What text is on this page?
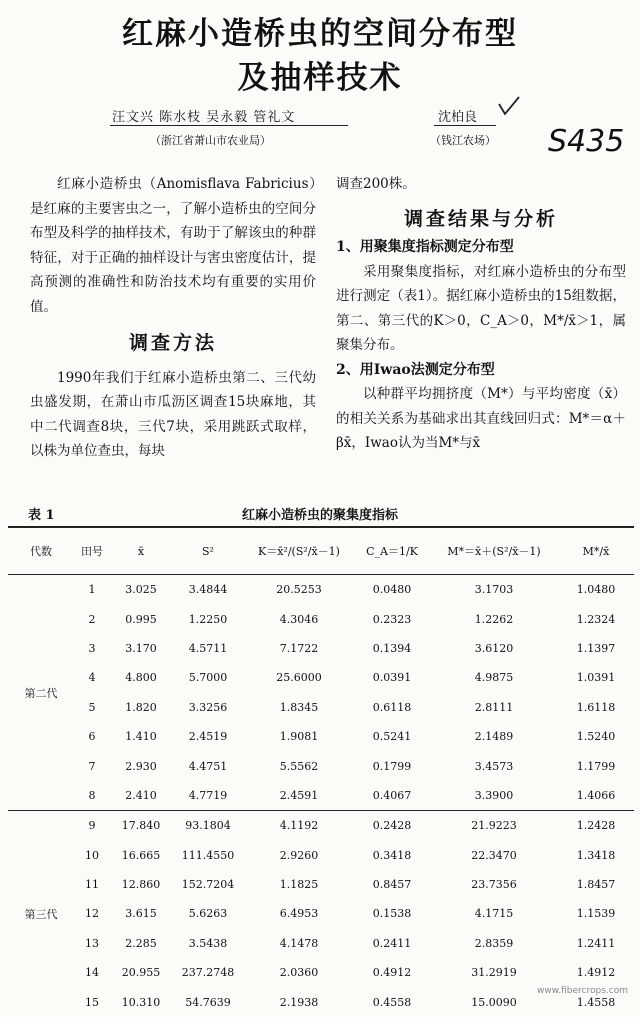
红麻小造桥虫的空间分布型
及抽样技术
汪文兴 陈水枝 吴永毅 管礼文
（浙江省萧山市农业局）
沈柏良
（钱江农场） S435

红麻小造桥虫（Anomisflava Fabricius）是红麻的主要害虫之一，了解小造桥虫的空间分布型及科学的抽样技术，有助于了解该虫的种群特征，对于正确的抽样设计与害虫密度估计，提高预测的准确性和防治技术均有重要的实用价值。

调查方法

1990年我们于红麻小造桥虫第二、三代幼虫盛发期，在萧山市瓜沥区调查15块麻地，其中二代调查8块，三代7块，采用跳跃式取样，以株为单位查虫，每块

调查200株。
调查结果与分析
1、用聚集度指标测定分布型

采用聚集度指标，对红麻小造桥虫的分布型进行测定（表1）。据红麻小造桥虫的15组数据，第二、第三代的K＞0，C_A＞0，M*/x̄＞1，属聚集分布。

2、用Iwao法测定分布型

以种群平均拥挤度（M*）与平均密度（x̄）的相关关系为基础求出其直线回归式：M*＝α＋βx̄，Iwao认为当M*与x̄

表 1	红麻小造桥虫的聚集度指标
代数	田号	x̄	S²	K＝x̄²/(S²/x̄－1)	C_A＝1/K	M*＝x̄＋(S²/x̄－1)	M*/x̄
第二代	1	3.025	3.4844	20.5253	0.0480	3.1703	1.0480
	2	0.995	1.2250	4.3046	0.2323	1.2262	1.2324
	3	3.170	4.5711	7.1722	0.1394	3.6120	1.1397
	4	4.800	5.7000	25.6000	0.0391	4.9875	1.0391
	5	1.820	3.3256	1.8345	0.6118	2.8111	1.6118
	6	1.410	2.4519	1.9081	0.5241	2.1489	1.5240
	7	2.930	4.4751	5.5562	0.1799	3.4573	1.1799
	8	2.410	4.7719	2.4591	0.4067	3.3900	1.4066
第三代	9	17.840	93.1804	4.1192	0.2428	21.9223	1.2428
	10	16.665	111.4550	2.9260	0.3418	22.3470	1.3418
	11	12.860	152.7204	1.1825	0.8457	23.7356	1.8457
	12	3.615	5.6263	6.4953	0.1538	4.1715	1.1539
	13	2.285	3.5438	4.1478	0.2411	2.8359	1.2411
	14	20.955	237.2748	2.0360	0.4912	31.2919	1.4912
	15	10.310	54.7639	2.1938	0.4558	15.0090	1.4558
www.fibercrops.com
